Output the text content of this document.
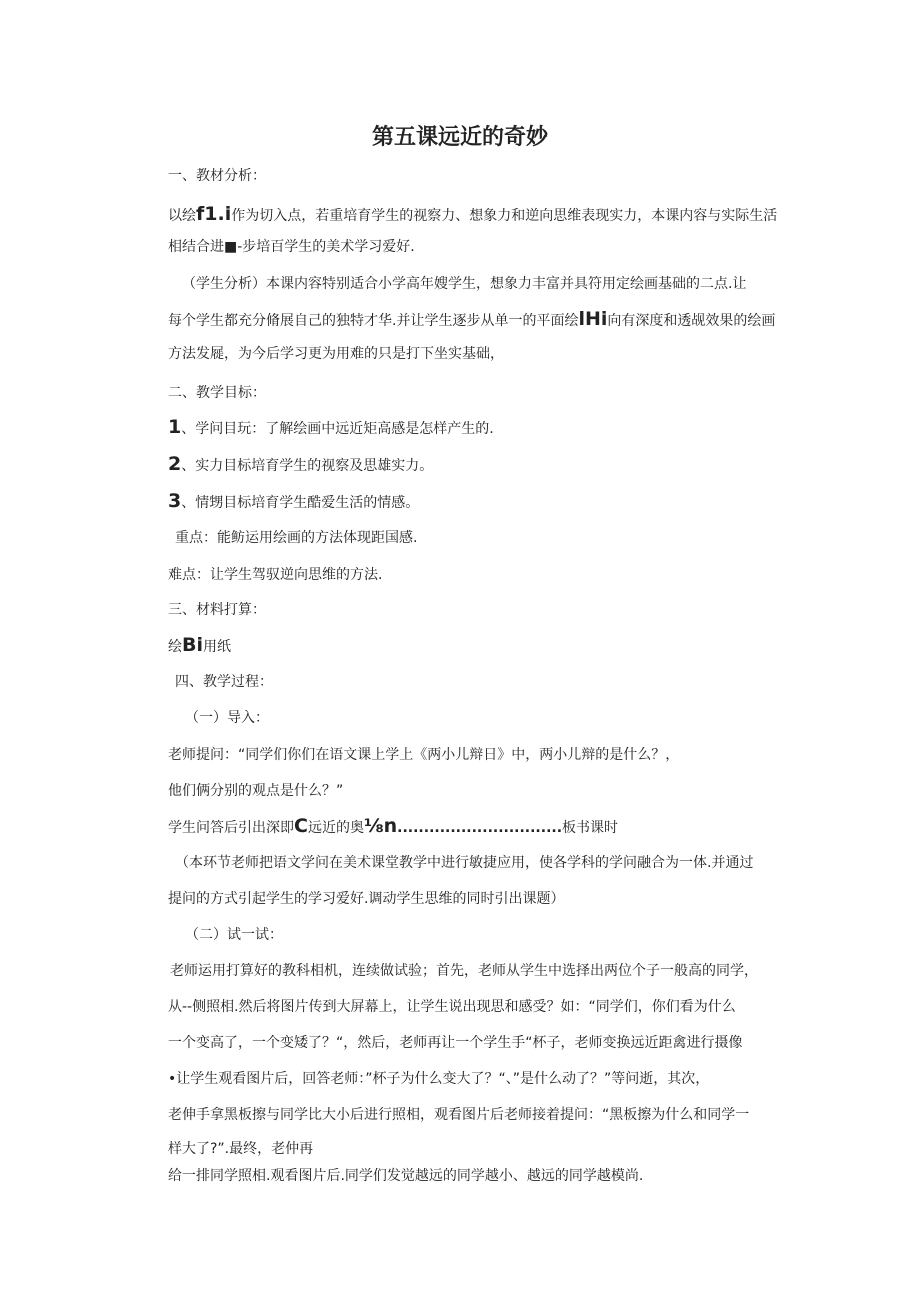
第五课远近的奇妙
一、教材分析：
以绘f1.i作为切入点，若重培育学生的视察力、想象力和逆向思维表现实力，本课内容与实际生活
相结合进■-步培百学生的美术学习爱好.
（学生分析）本课内容特别适合小学高年嫂学生，想象力丰富并具符用定绘画基础的二点.让
每个学生都充分脩展自己的独特才华.并让学生逐步从单一的平面绘lHi向有深度和透觇效果的绘画
方法发屣，为今后学习更为用难的只是打下坐实基础，
二、教学目标：
1、学问目玩：了解绘画中远近矩高感是怎样产生的.
2、实力目标培育学生的视察及思雄实力。
3、情甥目标培育学生酷爱生活的情感。
重点：能鲂运用绘画的方法体现距国感.
难点：让学生驾驭逆向思维的方法.
三、材料打算：
绘Bi用纸
四、教学过程：
（一）导入：
老师提问：“同学们你们在语文课上学上《两小儿辩日》中，两小儿辩的是什么？，
他们俩分别的观点是什么？”
学生问答后引出深即C远近的奥⅛n...............................板书课时
（本环节老师把语文学问在美术课堂教学中进行敏捷应用，使各学科的学问融合为一体.并通过
提问的方式引起学生的学习爱好.调动学生思维的同时引出课题）
（二）试一试：
老师运用打算好的教科相机，连续做试验；首先，老师从学生中选择出两位个子一般高的同学，
从--侧照相.然后将图片传到大屏幕上，让学生说出现思和感受？如：“同学们，你们看为什么
一个变高了，一个变矮了？“，然后，老师再让一个学生手“杯子，老师变换远近距禽进行摄像
•让学生观看图片后，回答老师：”杯子为什么变大了？“、”是什么动了？”等问逝，其次，
老伸手拿黑板擦与同学比大小后进行照相，观看图片后老师接着提问：“黑板擦为什么和同学一
样大了?”.最终，老仲再
给一排同学照相.观看图片后.同学们发觉越远的同学越小、越远的同学越模尚.
